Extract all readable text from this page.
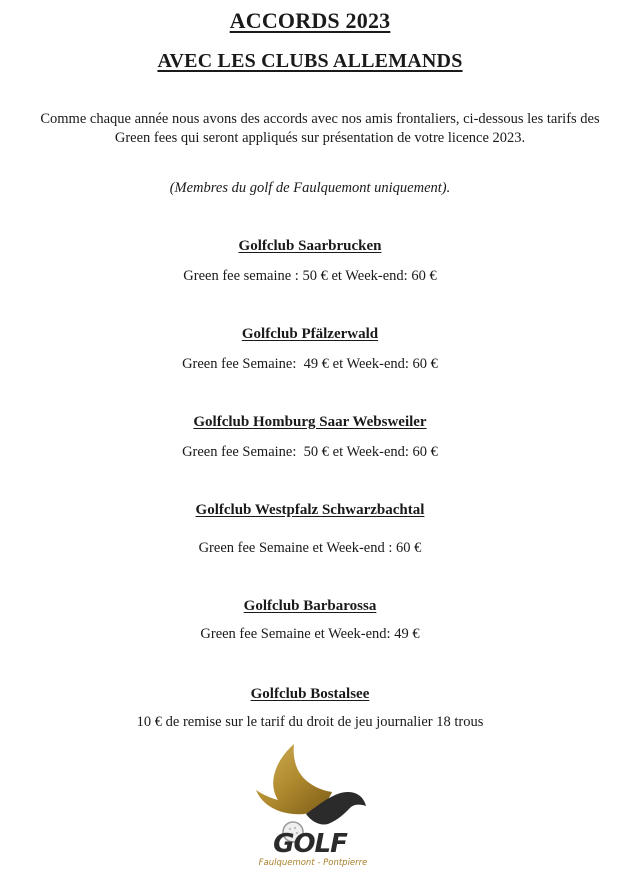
ACCORDS 2023
AVEC LES CLUBS ALLEMANDS

Comme chaque année nous avons des accords avec nos amis frontaliers, ci-dessous les tarifs des Green fees qui seront appliqués sur présentation de votre licence 2023.

(Membres du golf de Faulquemont uniquement).

Golfclub Saarbrucken
Green fee semaine : 50 € et Week-end: 60 €
Golfclub Pfälzerwald
Green fee Semaine:  49 € et Week-end: 60 €
Golfclub Homburg Saar Websweiler
Green fee Semaine:  50 € et Week-end: 60 €
Golfclub Westpfalz Schwarzbachtal
Green fee Semaine et Week-end : 60 €
Golfclub Barbarossa
Green fee Semaine et Week-end: 49 €
Golfclub Bostalsee
10 € de remise sur le tarif du droit de jeu journalier 18 trous
GOLF
Faulquemont - Pontpierre
